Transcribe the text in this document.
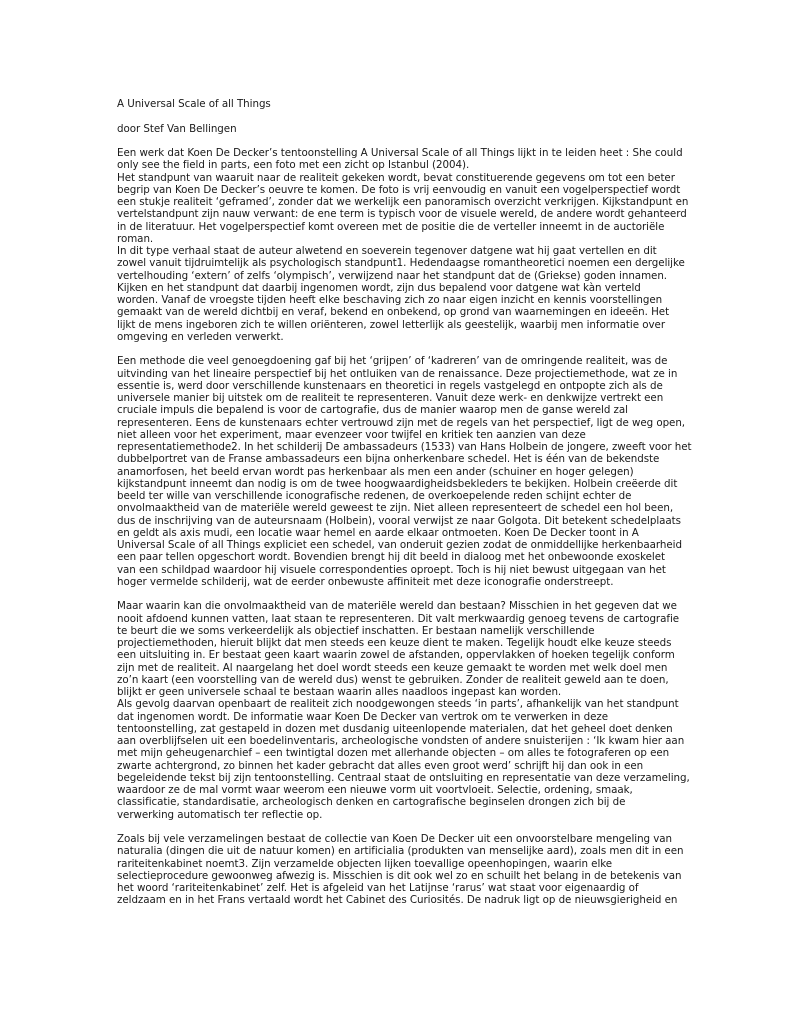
A Universal Scale of all Things
door Stef Van Bellingen

Een werk dat Koen De Decker’s tentoonstelling A Universal Scale of all Things lijkt in te leiden heet : She could
only see the field in parts, een foto met een zicht op Istanbul (2004).
Het standpunt van waaruit naar de realiteit gekeken wordt, bevat constituerende gegevens om tot een beter
begrip van Koen De Decker’s oeuvre te komen. De foto is vrij eenvoudig en vanuit een vogelperspectief wordt
een stukje realiteit ‘geframed’, zonder dat we werkelijk een panoramisch overzicht verkrijgen. Kijkstandpunt en
vertelstandpunt zijn nauw verwant: de ene term is typisch voor de visuele wereld, de andere wordt gehanteerd
in de literatuur. Het vogelperspectief komt overeen met de positie die de verteller inneemt in de auctoriële
roman.
In dit type verhaal staat de auteur alwetend en soeverein tegenover datgene wat hij gaat vertellen en dit
zowel vanuit tijdruimtelijk als psychologisch standpunt1. Hedendaagse romantheoretici noemen een dergelijke
vertelhouding ‘extern’ of zelfs ‘olympisch’, verwijzend naar het standpunt dat de (Griekse) goden innamen.
Kijken en het standpunt dat daarbij ingenomen wordt, zijn dus bepalend voor datgene wat kàn verteld
worden. Vanaf de vroegste tijden heeft elke beschaving zich zo naar eigen inzicht en kennis voorstellingen
gemaakt van de wereld dichtbij en veraf, bekend en onbekend, op grond van waarnemingen en ideeën. Het
lijkt de mens ingeboren zich te willen oriënteren, zowel letterlijk als geestelijk, waarbij men informatie over
omgeving en verleden verwerkt.

Een methode die veel genoegdoening gaf bij het ‘grijpen’ of ‘kadreren’ van de omringende realiteit, was de
uitvinding van het lineaire perspectief bij het ontluiken van de renaissance. Deze projectiemethode, wat ze in
essentie is, werd door verschillende kunstenaars en theoretici in regels vastgelegd en ontpopte zich als de
universele manier bij uitstek om de realiteit te representeren. Vanuit deze werk- en denkwijze vertrekt een
cruciale impuls die bepalend is voor de cartografie, dus de manier waarop men de ganse wereld zal
representeren. Eens de kunstenaars echter vertrouwd zijn met de regels van het perspectief, ligt de weg open,
niet alleen voor het experiment, maar evenzeer voor twijfel en kritiek ten aanzien van deze
representatiemethode2. In het schilderij De ambassadeurs (1533) van Hans Holbein de jongere, zweeft voor het
dubbelportret van de Franse ambassadeurs een bijna onherkenbare schedel. Het is één van de bekendste
anamorfosen, het beeld ervan wordt pas herkenbaar als men een ander (schuiner en hoger gelegen)
kijkstandpunt inneemt dan nodig is om de twee hoogwaardigheidsbekleders te bekijken. Holbein creëerde dit
beeld ter wille van verschillende iconografische redenen, de overkoepelende reden schijnt echter de
onvolmaaktheid van de materiële wereld geweest te zijn. Niet alleen representeert de schedel een hol been,
dus de inschrijving van de auteursnaam (Holbein), vooral verwijst ze naar Golgota. Dit betekent schedelplaats
en geldt als axis mudi, een locatie waar hemel en aarde elkaar ontmoeten. Koen De Decker toont in A
Universal Scale of all Things expliciet een schedel, van onderuit gezien zodat de onmiddellijke herkenbaarheid
een paar tellen opgeschort wordt. Bovendien brengt hij dit beeld in dialoog met het onbewoonde exoskelet
van een schildpad waardoor hij visuele correspondenties oproept. Toch is hij niet bewust uitgegaan van het
hoger vermelde schilderij, wat de eerder onbewuste affiniteit met deze iconografie onderstreept.

Maar waarin kan die onvolmaaktheid van de materiële wereld dan bestaan? Misschien in het gegeven dat we
nooit afdoend kunnen vatten, laat staan te representeren. Dit valt merkwaardig genoeg tevens de cartografie
te beurt die we soms verkeerdelijk als objectief inschatten. Er bestaan namelijk verschillende
projectiemethoden, hieruit blijkt dat men steeds een keuze dient te maken. Tegelijk houdt elke keuze steeds
een uitsluiting in. Er bestaat geen kaart waarin zowel de afstanden, oppervlakken of hoeken tegelijk conform
zijn met de realiteit. Al naargelang het doel wordt steeds een keuze gemaakt te worden met welk doel men
zo’n kaart (een voorstelling van de wereld dus) wenst te gebruiken. Zonder de realiteit geweld aan te doen,
blijkt er geen universele schaal te bestaan waarin alles naadloos ingepast kan worden.
Als gevolg daarvan openbaart de realiteit zich noodgewongen steeds ‘in parts’, afhankelijk van het standpunt
dat ingenomen wordt. De informatie waar Koen De Decker van vertrok om te verwerken in deze
tentoonstelling, zat gestapeld in dozen met dusdanig uiteenlopende materialen, dat het geheel doet denken
aan overblijfselen uit een boedelinventaris, archeologische vondsten of andere snuisterijen : ‘Ik kwam hier aan
met mijn geheugenarchief – een twintigtal dozen met allerhande objecten – om alles te fotograferen op een
zwarte achtergrond, zo binnen het kader gebracht dat alles even groot werd’ schrijft hij dan ook in een
begeleidende tekst bij zijn tentoonstelling. Centraal staat de ontsluiting en representatie van deze verzameling,
waardoor ze de mal vormt waar weerom een nieuwe vorm uit voortvloeit. Selectie, ordening, smaak,
classificatie, standardisatie, archeologisch denken en cartografische beginselen drongen zich bij de
verwerking automatisch ter reflectie op.

Zoals bij vele verzamelingen bestaat de collectie van Koen De Decker uit een onvoorstelbare mengeling van
naturalia (dingen die uit de natuur komen) en artificialia (produkten van menselijke aard), zoals men dit in een
rariteitenkabinet noemt3. Zijn verzamelde objecten lijken toevallige opeenhopingen, waarin elke
selectieprocedure gewoonweg afwezig is. Misschien is dit ook wel zo en schuilt het belang in de betekenis van
het woord ‘rariteitenkabinet’ zelf. Het is afgeleid van het Latijnse ‘rarus’ wat staat voor eigenaardig of
zeldzaam en in het Frans vertaald wordt het Cabinet des Curiosités. De nadruk ligt op de nieuwsgierigheid en
